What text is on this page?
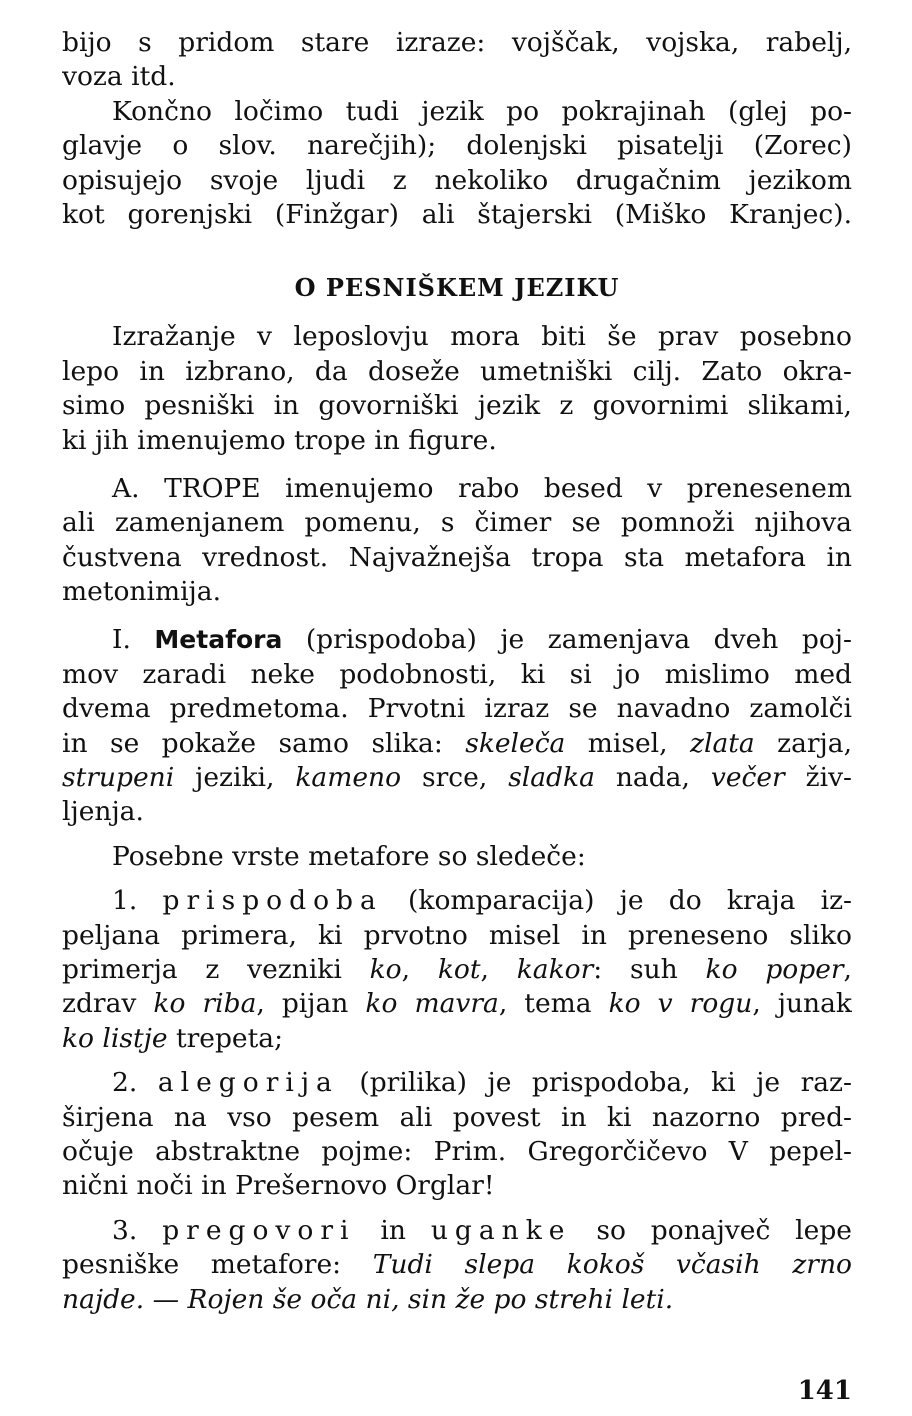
bijo s pridom stare izraze: vojščak, vojska, rabelj,
voza itd.
Končno ločimo tudi jezik po pokrajinah (glej po-
glavje o slov. narečjih); dolenjski pisatelji (Zorec)
opisujejo svoje ljudi z nekoliko drugačnim jezikom
kot gorenjski (Finžgar) ali štajerski (Miško Kranjec).
O PESNIŠKEM JEZIKU
Izražanje v leposlovju mora biti še prav posebno
lepo in izbrano, da doseže umetniški cilj. Zato okra-
simo pesniški in govorniški jezik z govornimi slikami,
ki jih imenujemo trope in figure.
A. TROPE imenujemo rabo besed v prenesenem
ali zamenjanem pomenu, s čimer se pomnoži njihova
čustvena vrednost. Najvažnejša tropa sta metafora in
metonimija.
I. Metafora (prispodoba) je zamenjava dveh poj-
mov zaradi neke podobnosti, ki si jo mislimo med
dvema predmetoma. Prvotni izraz se navadno zamolči
in se pokaže samo slika: skeleča misel, zlata zarja,
strupeni jeziki, kameno srce, sladka nada, večer živ-
ljenja.
Posebne vrste metafore so sledeče:
1. prispodoba (komparacija) je do kraja iz-
peljana primera, ki prvotno misel in preneseno sliko
primerja z vezniki ko, kot, kakor: suh ko poper,
zdrav ko riba, pijan ko mavra, tema ko v rogu, junak
ko listje trepeta;
2. alegorija (prilika) je prispodoba, ki je raz-
širjena na vso pesem ali povest in ki nazorno pred-
očuje abstraktne pojme: Prim. Gregorčičevo V pepel-
nični noči in Prešernovo Orglar!
3. pregovori in uganke so ponajveč lepe
pesniške metafore: Tudi slepa kokoš včasih zrno
najde. — Rojen še oča ni, sin že po strehi leti.
141
